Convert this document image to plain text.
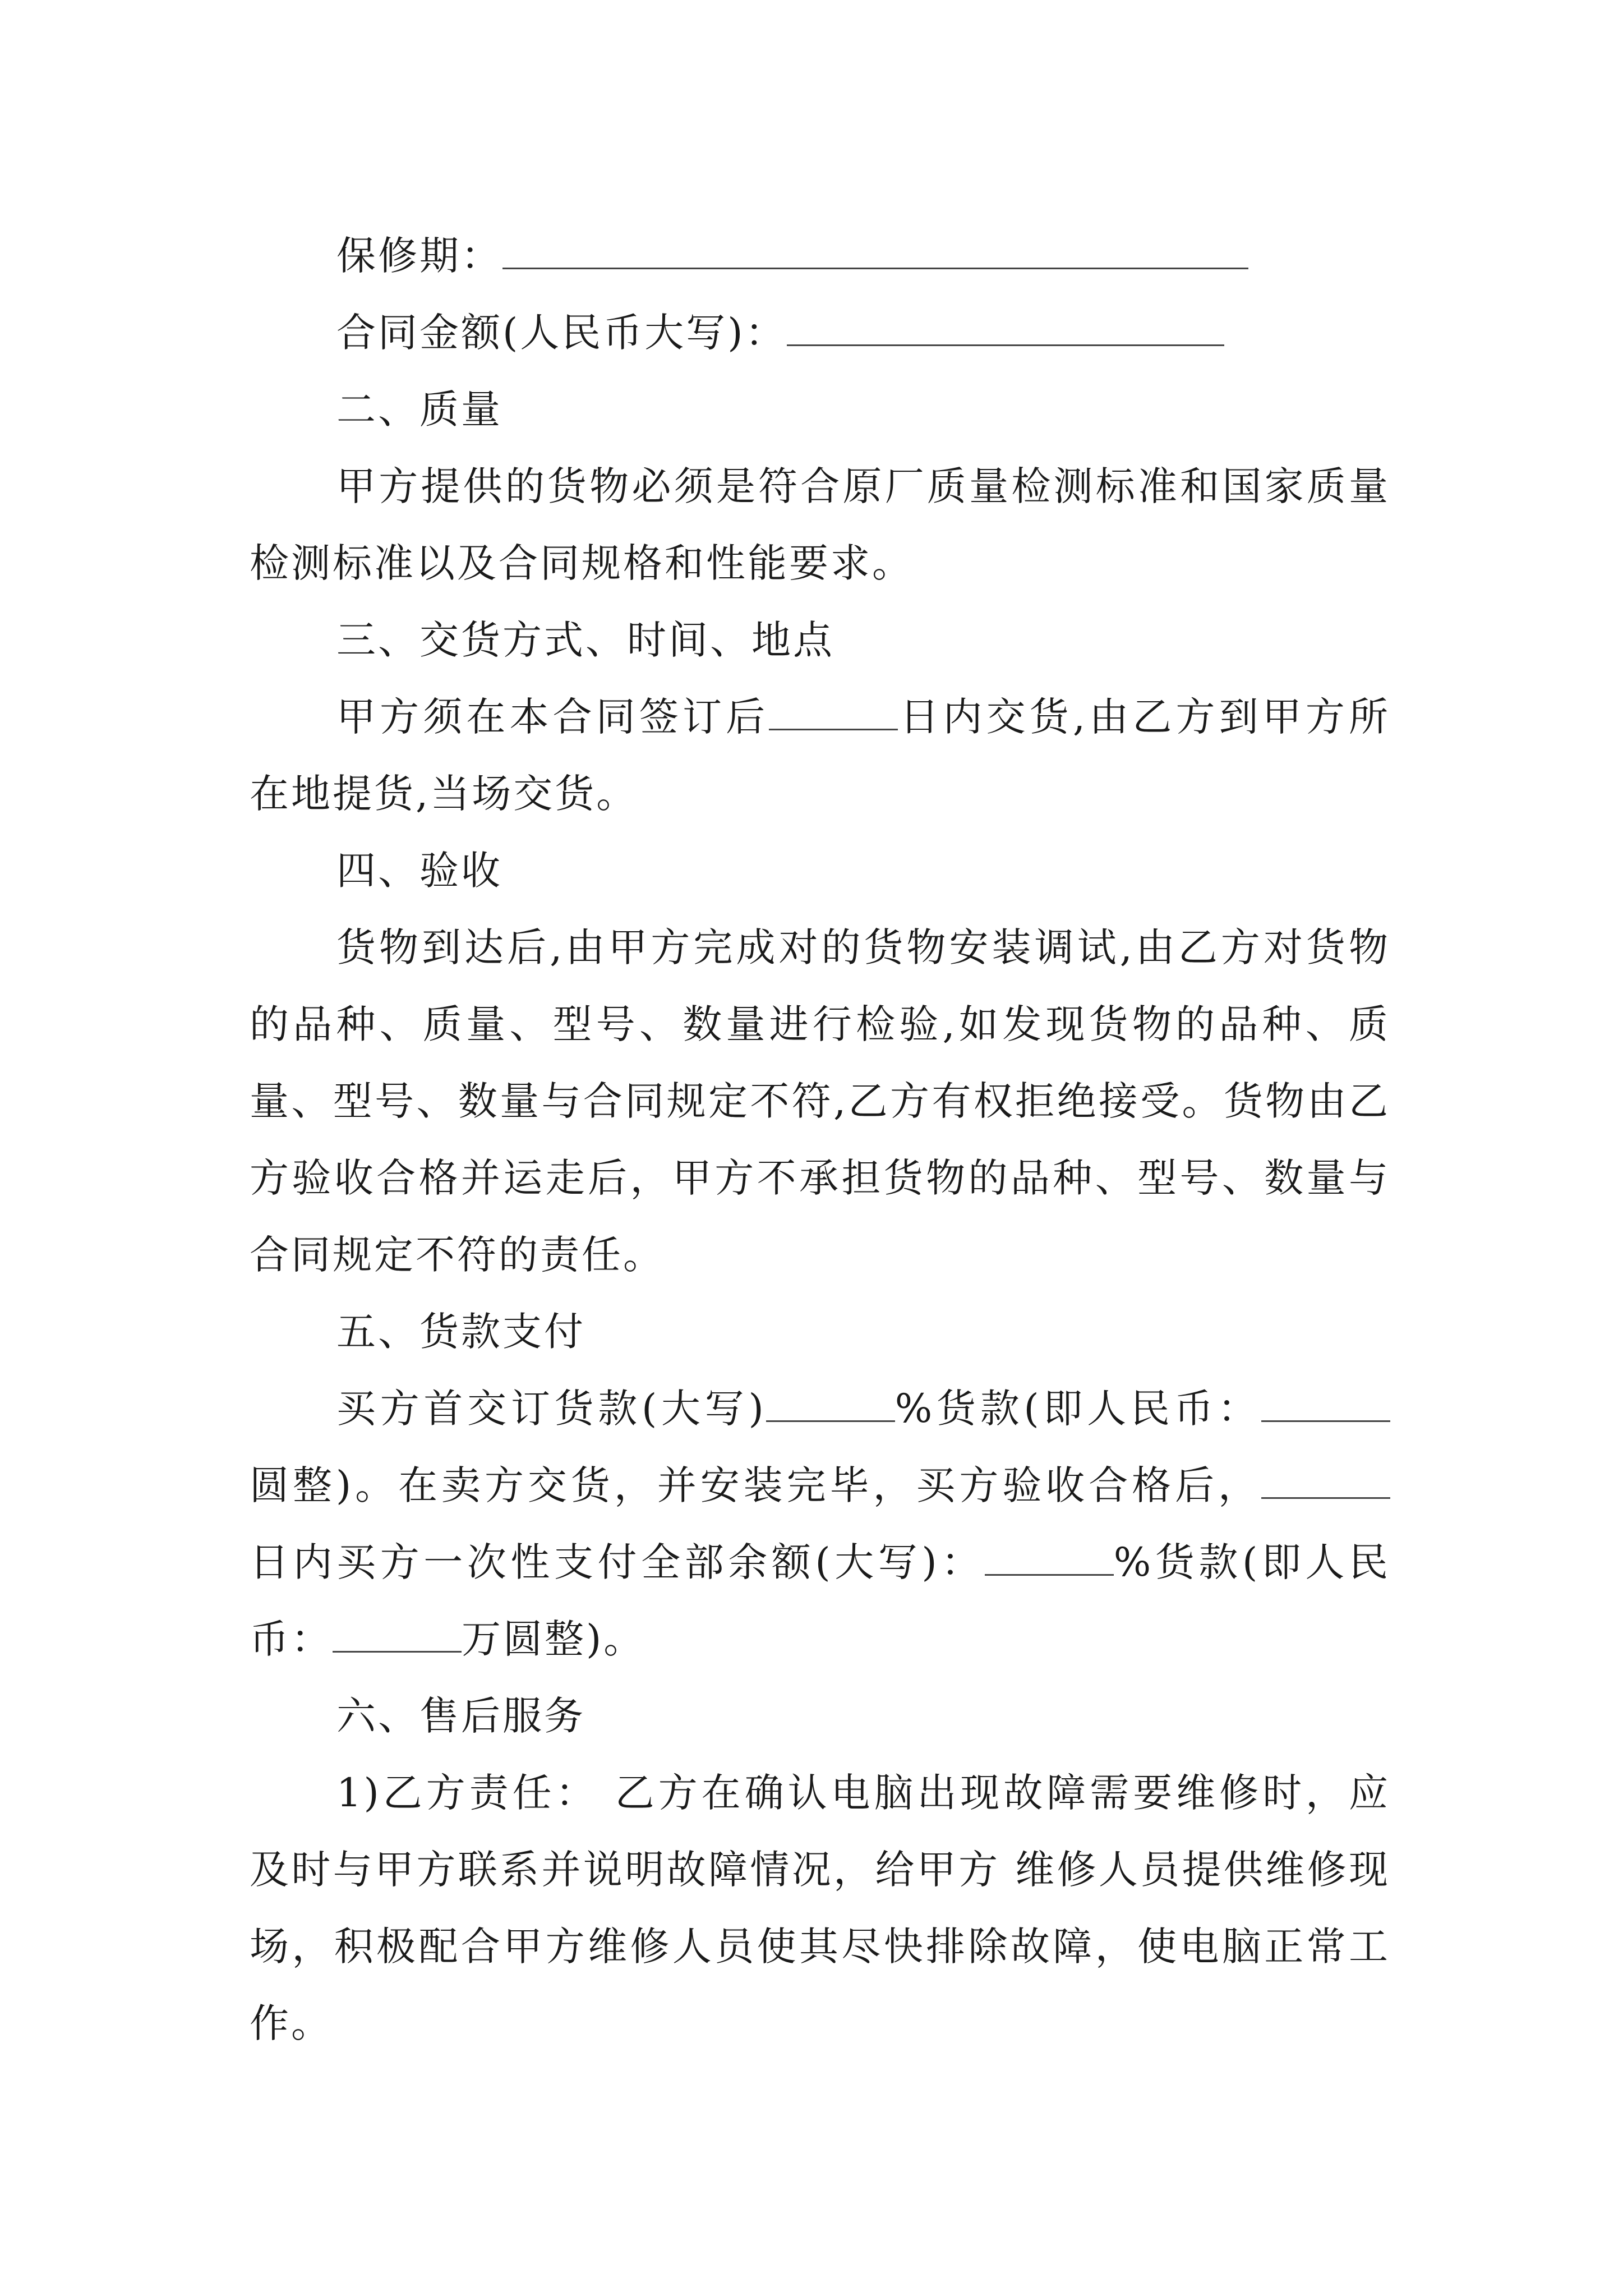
保修期：

合同金额(人民币大写)：

二、质量

甲方提供的货物必须是符合原厂质量检测标准和国家质量检测标准以及合同规格和性能要求。

三、交货方式、时间、地点

甲方须在本合同签订后	日内交货,由乙方到甲方所在地提货,当场交货。

四、验收

货物到达后,由甲方完成对的货物安装调试,由乙方对货物的品种、质量、型号、数量进行检验,如发现货物的品种、质量、型号、数量与合同规定不符,乙方有权拒绝接受。货物由乙方验收合格并运走后，甲方不承担货物的品种、型号、数量与合同规定不符的责任。

五、货款支付

买方首交订货款(大写)	%货款(即人民币：圆整)。在卖方交货，并安装完毕，买方验收合格后，日内买方一次性支付全部余额(大写)：	%货款(即人民币：	万圆整)。

六、售后服务

1)乙方责任： 乙方在确认电脑出现故障需要维修时，应及时与甲方联系并说明故障情况，给甲方 维修人员提供维修现场，积极配合甲方维修人员使其尽快排除故障，使电脑正常工作。
